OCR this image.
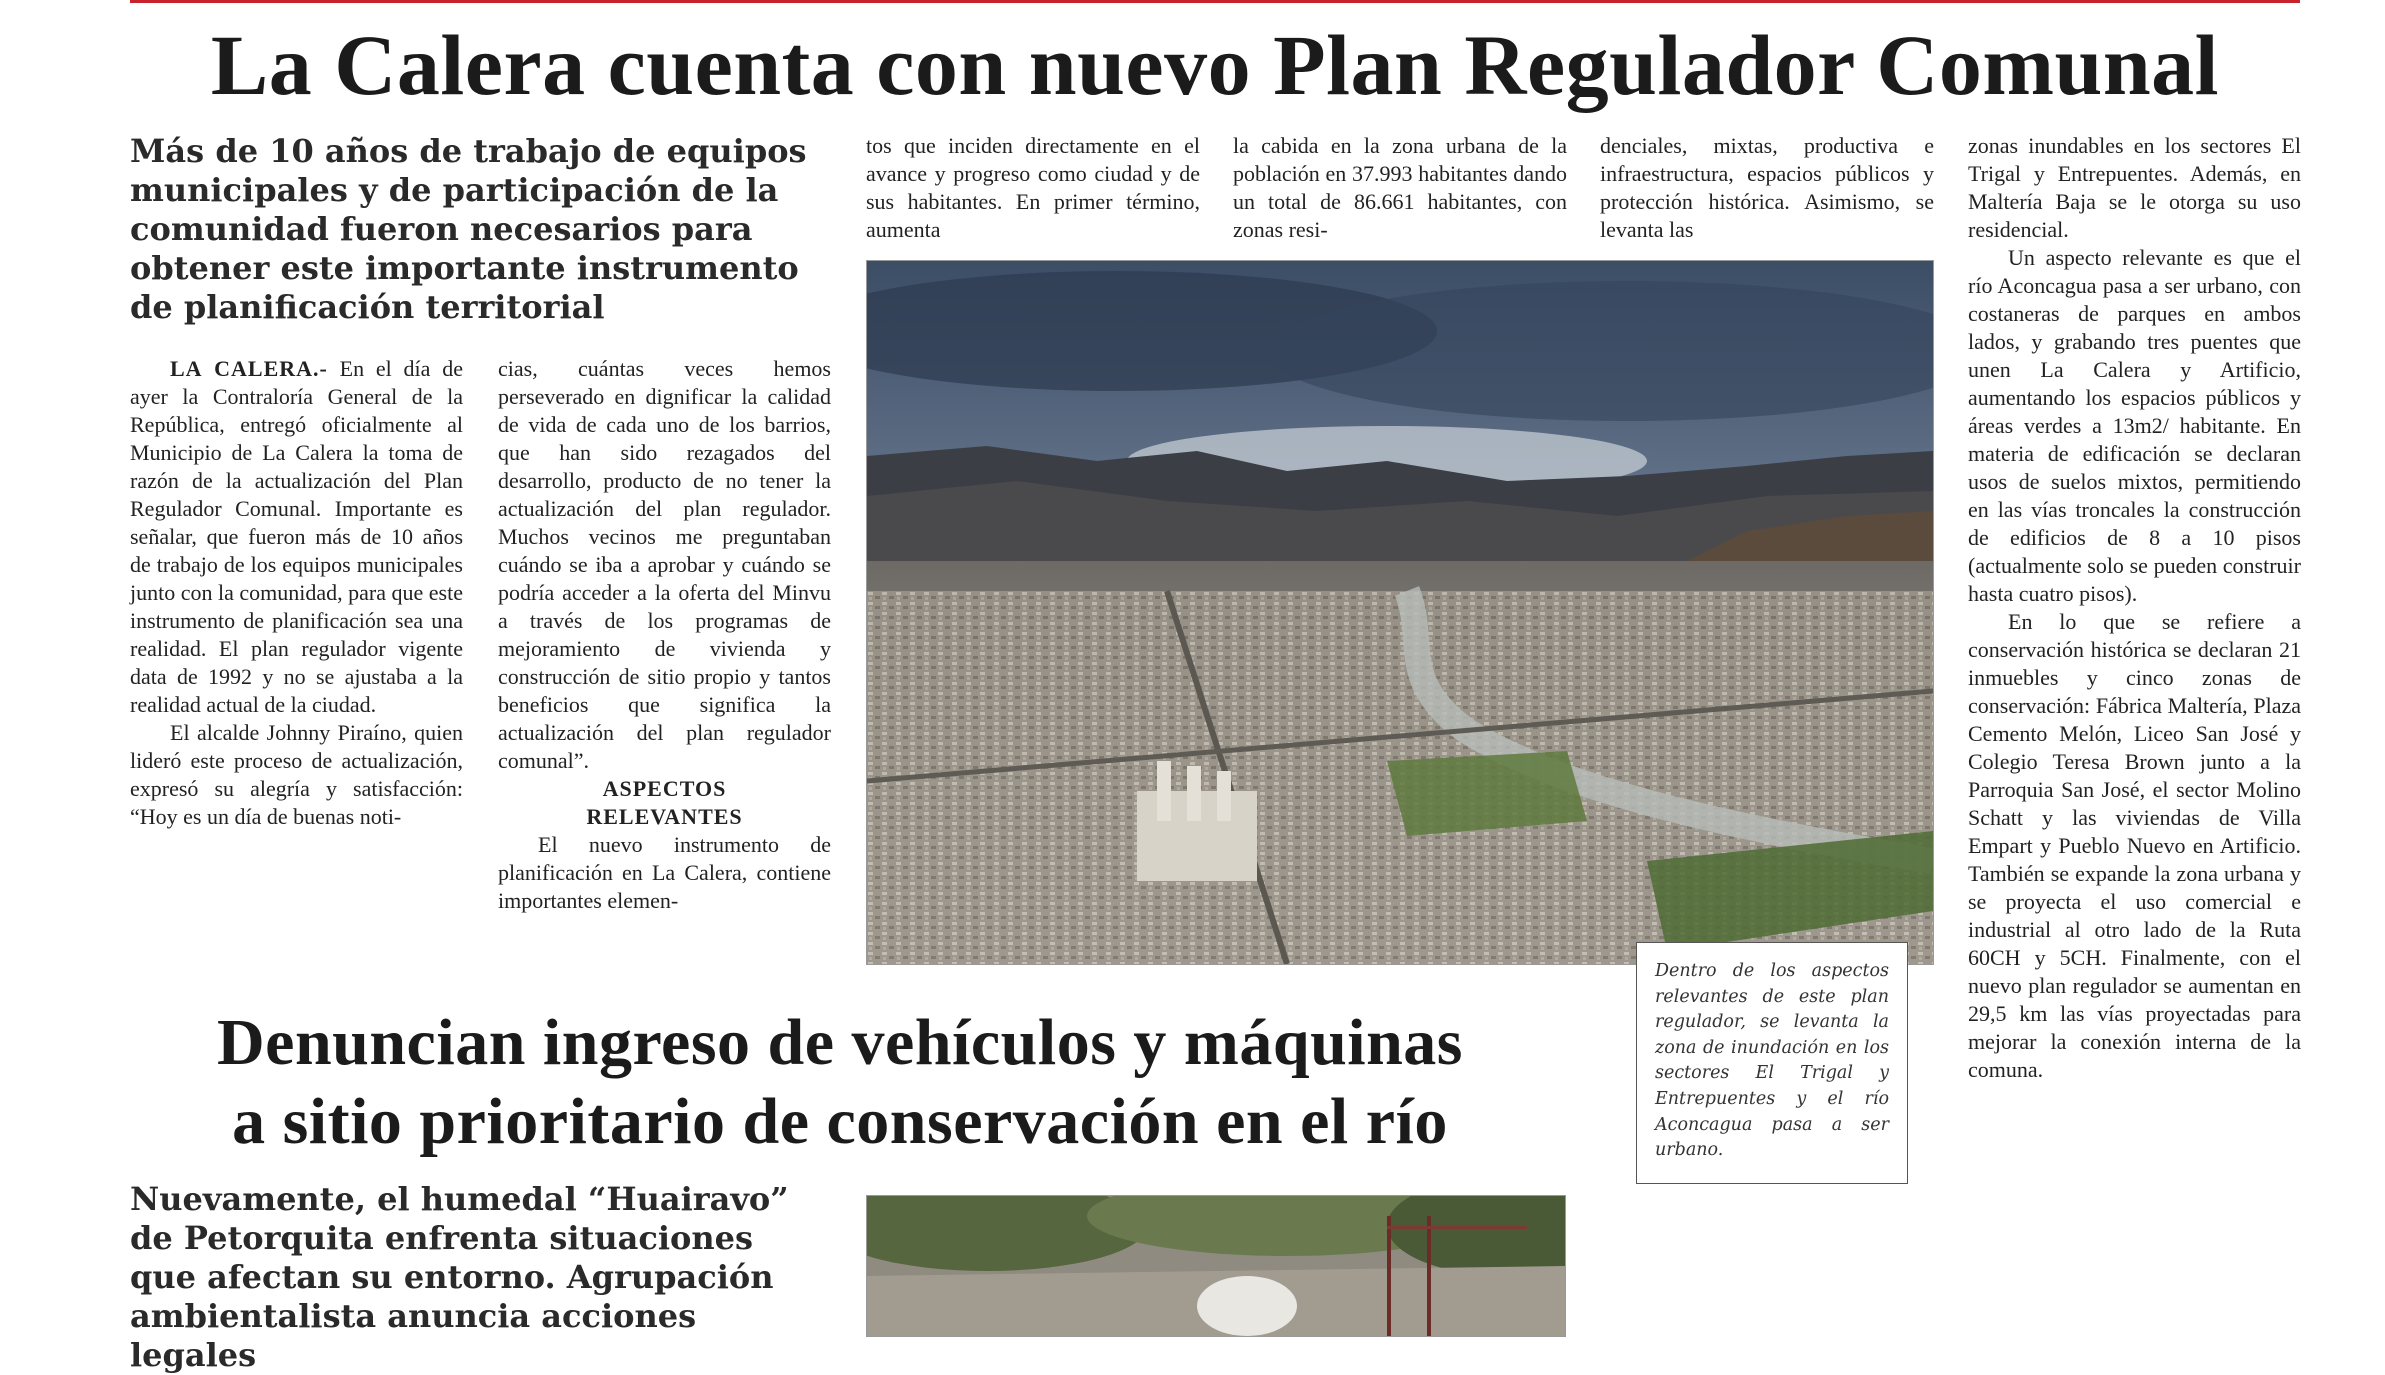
La Calera cuenta con nuevo Plan Regulador Comunal

Más de 10 años de trabajo de equipos municipales y de participación de la comunidad fueron necesarios para obtener este importante instrumento de planificación territorial

LA CALERA.- En el día de ayer la Contraloría General de la República, entregó oficialmente al Municipio de La Calera la toma de razón de la actualización del Plan Regulador Comunal. Importante es señalar, que fueron más de 10 años de trabajo de los equipos municipales junto con la comunidad, para que este instrumento de planificación sea una realidad. El plan regulador vigente data de 1992 y no se ajustaba a la realidad actual de la ciudad.

El alcalde Johnny Piraíno, quien lideró este proceso de actualización, expresó su alegría y satisfacción: “Hoy es un día de buenas noti-

cias, cuántas veces hemos perseverado en dignificar la calidad de vida de cada uno de los barrios, que han sido rezagados del desarrollo, producto de no tener la actualización del plan regulador. Muchos vecinos me preguntaban cuándo se iba a aprobar y cuándo se podría acceder a la oferta del Minvu a través de los programas de mejoramiento de vivienda y construcción de sitio propio y tantos beneficios que significa la actualización del plan regulador comunal”.

ASPECTOS RELEVANTES

El nuevo instrumento de planificación en La Calera, contiene importantes elemen-

tos que inciden directamente en el avance y progreso como ciudad y de sus habitantes. En primer término, aumenta

la cabida en la zona urbana de la población en 37.993 habitantes dando un total de 86.661 habitantes, con zonas resi-

denciales, mixtas, productiva e infraestructura, espacios públicos y protección histórica. Asimismo, se levanta las

zonas inundables en los sectores El Trigal y Entrepuentes. Además, en Maltería Baja se le otorga su uso residencial.

Un aspecto relevante es que el río Aconcagua pasa a ser urbano, con costaneras de parques en ambos lados, y grabando tres puentes que unen La Calera y Artificio, aumentando los espacios públicos y áreas verdes a 13m2/ habitante. En materia de edificación se declaran usos de suelos mixtos, permitiendo en las vías troncales la construcción de edificios de 8 a 10 pisos (actualmente solo se pueden construir hasta cuatro pisos).

En lo que se refiere a conservación histórica se declaran 21 inmuebles y cinco zonas de conservación: Fábrica Maltería, Plaza Cemento Melón, Liceo San José y Colegio Teresa Brown junto a la Parroquia San José, el sector Molino Schatt y las viviendas de Villa Empart y Pueblo Nuevo en Artificio. También se expande la zona urbana y se proyecta el uso comercial e industrial al otro lado de la Ruta 60CH y 5CH. Finalmente, con el nuevo plan regulador se aumentan en 29,5 km las vías proyectadas para mejorar la conexión interna de la comuna.

Dentro de los aspectos relevantes de este plan regulador, se levanta la zona de inundación en los sectores El Trigal y Entrepuentes y el río Aconcagua pasa a ser urbano.
Denuncian ingreso de vehículos y máquinas
a sitio prioritario de conservación en el río

Nuevamente, el humedal “Huairavo” de Petorquita enfrenta situaciones que afectan su entorno. Agrupación ambientalista anuncia acciones legales
